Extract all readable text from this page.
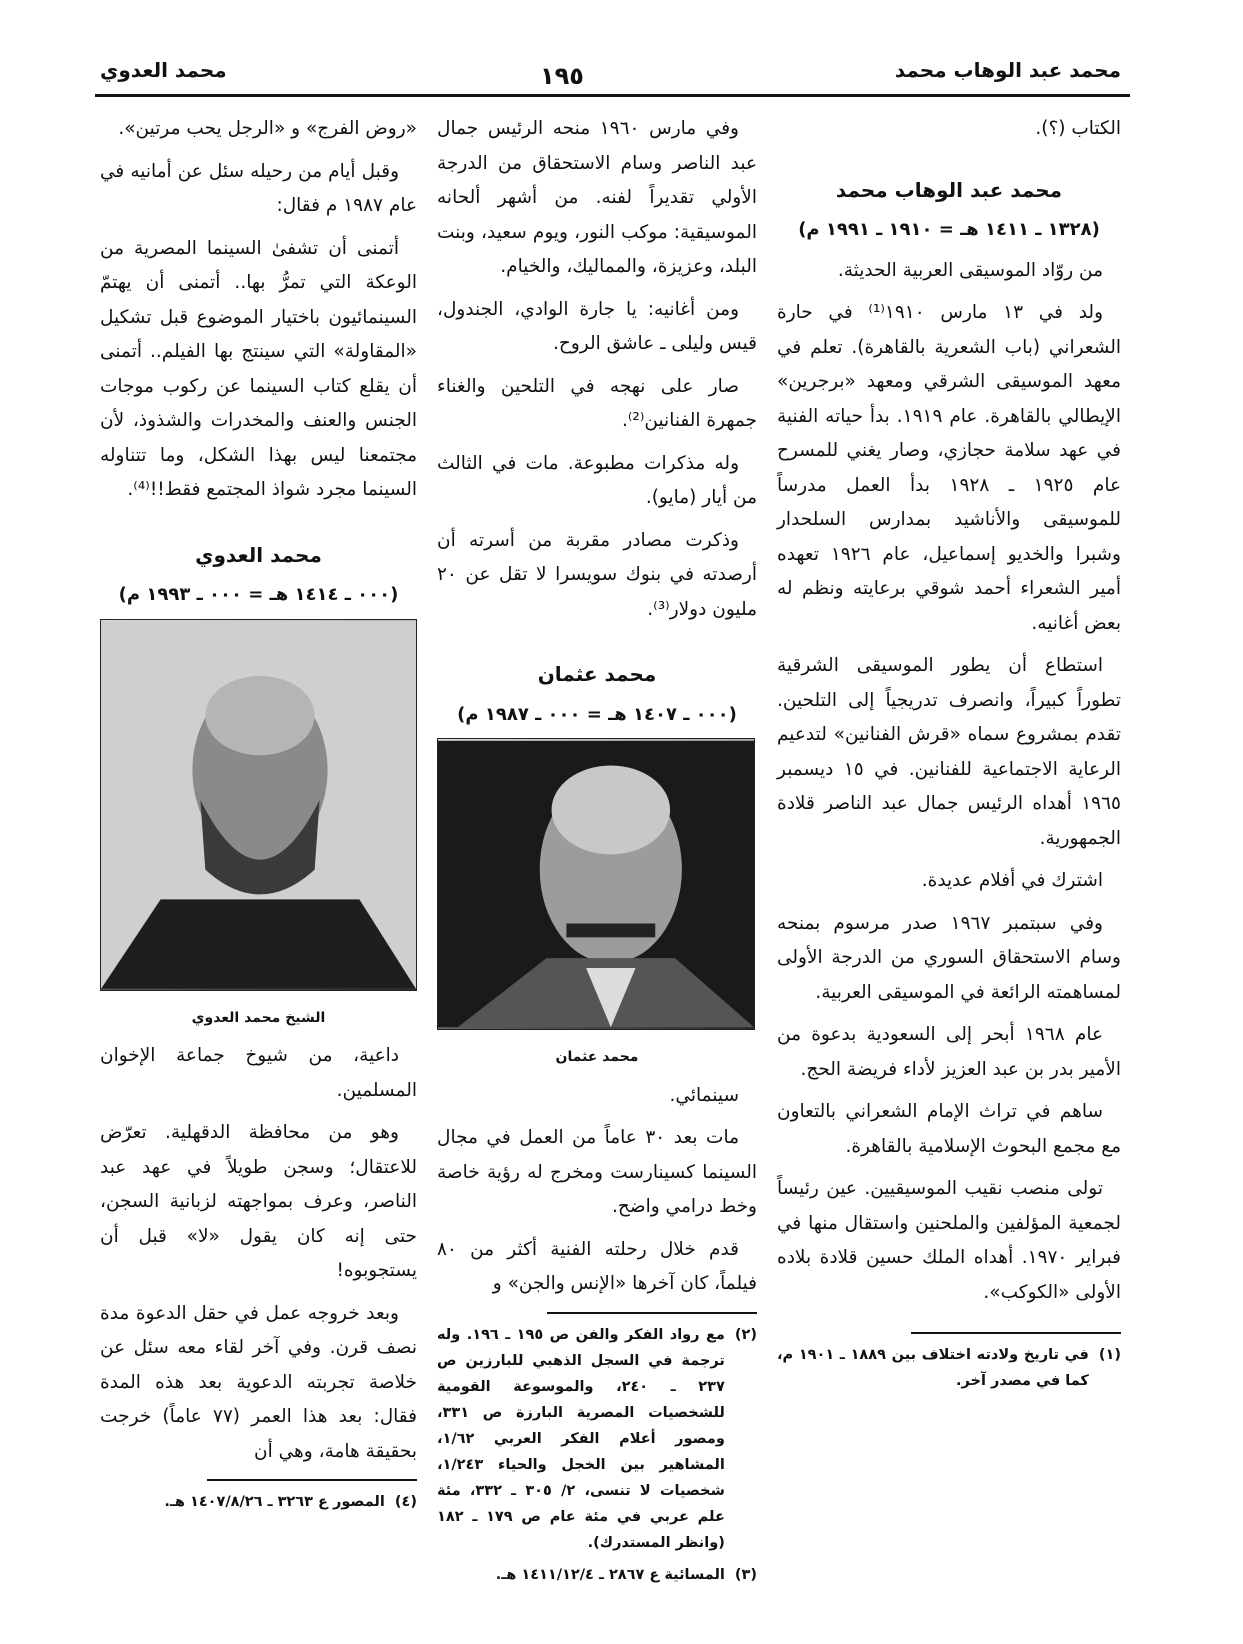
محمد عبد الوهاب محمد
١٩٥
محمد العدوي

الكتاب (؟).

محمد عبد الوهاب محمد
(١٣٢٨ ـ ١٤١١ هـ = ١٩١٠ ـ ١٩٩١ م)

من روّاد الموسيقى العربية الحديثة.

ولد في ١٣ مارس ١٩١٠⁽¹⁾ في حارة الشعراني (باب الشعرية بالقاهرة). تعلم في معهد الموسيقى الشرقي ومعهد «برجرين» الإيطالي بالقاهرة. عام ١٩١٩. بدأ حياته الفنية في عهد سلامة حجازي، وصار يغني للمسرح عام ١٩٢٥ ـ ١٩٢٨ بدأ العمل مدرساً للموسيقى والأناشيد بمدارس السلحدار وشبرا والخديو إسماعيل، عام ١٩٢٦ تعهده أمير الشعراء أحمد شوقي برعايته ونظم له بعض أغانيه.

استطاع أن يطور الموسيقى الشرقية تطوراً كبيراً، وانصرف تدريجياً إلى التلحين. تقدم بمشروع سماه «قرش الفنانين» لتدعيم الرعاية الاجتماعية للفنانين. في ١٥ ديسمبر ١٩٦٥ أهداه الرئيس جمال عبد الناصر قلادة الجمهورية.

اشترك في أفلام عديدة.

وفي سبتمبر ١٩٦٧ صدر مرسوم بمنحه وسام الاستحقاق السوري من الدرجة الأولى لمساهمته الرائعة في الموسيقى العربية.

عام ١٩٦٨ أبحر إلى السعودية بدعوة من الأمير بدر بن عبد العزيز لأداء فريضة الحج.

ساهم في تراث الإمام الشعراني بالتعاون مع مجمع البحوث الإسلامية بالقاهرة.

تولى منصب نقيب الموسيقيين. عين رئيساً لجمعية المؤلفين والملحنين واستقال منها في فبراير ١٩٧٠. أهداه الملك حسين قلادة بلاده الأولى «الكوكب».

(١)
في تاريخ ولادته اختلاف بين ١٨٨٩ ـ ١٩٠١ م، كما في مصدر آخر.

وفي مارس ١٩٦٠ منحه الرئيس جمال عبد الناصر وسام الاستحقاق من الدرجة الأولي تقديراً لفنه. من أشهر ألحانه الموسيقية: موكب النور، ويوم سعيد، وبنت البلد، وعزيزة، والمماليك، والخيام.

ومن أغانيه: يا جارة الوادي، الجندول، قيس وليلى ـ عاشق الروح.

صار على نهجه في التلحين والغناء جمهرة الفنانين⁽²⁾.

وله مذكرات مطبوعة. مات في الثالث من أيار (مايو).

وذكرت مصادر مقربة من أسرته أن أرصدته في بنوك سويسرا لا تقل عن ٢٠ مليون دولار⁽³⁾.

محمد عثمان
(٠٠٠ ـ ١٤٠٧ هـ = ٠٠٠ ـ ١٩٨٧ م)
محمد عثمان

سينمائي.

مات بعد ٣٠ عاماً من العمل في مجال السينما كسينارست ومخرج له رؤية خاصة وخط درامي واضح.

قدم خلال رحلته الفنية أكثر من ٨٠ فيلماً، كان آخرها «الإنس والجن» و

(٢)
مع رواد الفكر والفن ص ١٩٥ ـ ١٩٦. وله ترجمة في السجل الذهبي للبارزين ص ٢٣٧ ـ ٢٤٠، والموسوعة القومية للشخصيات المصرية البارزة ص ٣٣١، ومصور أعلام الفكر العربي ١/٦٢، المشاهير بين الخجل والحياء ١/٢٤٣، شخصيات لا تنسى، ٢/ ٣٠٥ ـ ٣٣٢، مئة علم عربي في مئة عام ص ١٧٩ ـ ١٨٢ (وانظر المستدرك).
(٣)
المسائية ع ٢٨٦٧ ـ ١٤١١/١٢/٤ هـ.

«روض الفرج» و «الرجل يحب مرتين».

وقبل أيام من رحيله سئل عن أمانيه في عام ١٩٨٧ م فقال:

أتمنى أن تشفىٰ السينما المصرية من الوعكة التي تمرُّ بها.. أتمنى أن يهتمّ السينمائيون باختيار الموضوع قبل تشكيل «المقاولة» التي سينتج بها الفيلم.. أتمنى أن يقلع كتاب السينما عن ركوب موجات الجنس والعنف والمخدرات والشذوذ، لأن مجتمعنا ليس بهذا الشكل، وما تتناوله السينما مجرد شواذ المجتمع فقط!!⁽⁴⁾.

محمد العدوي
(٠٠٠ ـ ١٤١٤ هـ = ٠٠٠ ـ ١٩٩٣ م)
الشيخ محمد العدوي

داعية، من شيوخ جماعة الإخوان المسلمين.

وهو من محافظة الدقهلية. تعرّض للاعتقال؛ وسجن طويلاً في عهد عبد الناصر، وعرف بمواجهته لزبانية السجن، حتى إنه كان يقول «لا» قبل أن يستجوبوه!

وبعد خروجه عمل في حقل الدعوة مدة نصف قرن. وفي آخر لقاء معه سئل عن خلاصة تجربته الدعوية بعد هذه المدة فقال: بعد هذا العمر (٧٧ عاماً) خرجت بحقيقة هامة، وهي أن

(٤)
المصور ع ٣٢٦٣ ـ ١٤٠٧/٨/٢٦ هـ.
